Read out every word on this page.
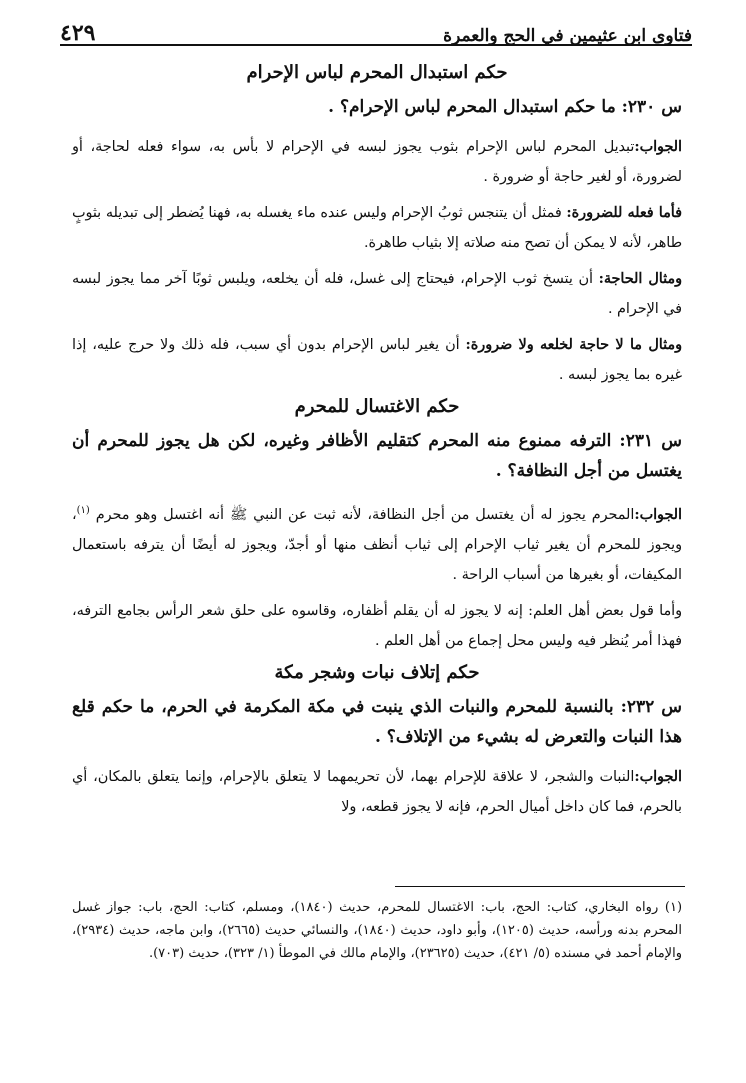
فتاوى ابن عثيمين في الحج والعمرة
٤٢٩
حكم استبدال المحرم لباس الإحرام
س ٢٣٠: ما حكم استبدال المحرم لباس الإحرام؟ .

الجواب:تبديل المحرم لباس الإحرام بثوب يجوز لبسه في الإحرام لا بأس به، سواء فعله لحاجة، أو لضرورة، أو لغير حاجة أو ضرورة .

فأما فعله للضرورة: فمثل أن يتنجس ثوبُ الإحرام وليس عنده ماء يغسله به، فهنا يُضطر إلى تبديله بثوبٍ طاهر، لأنه لا يمكن أن تصح منه صلاته إلا بثياب طاهرة.

ومثال الحاجة: أن يتسخ ثوب الإحرام، فيحتاج إلى غسل، فله أن يخلعه، ويلبس ثوبًا آخر مما يجوز لبسه في الإحرام .

ومثال ما لا حاجة لخلعه ولا ضرورة: أن يغير لباس الإحرام بدون أي سبب، فله ذلك ولا حرج عليه، إذا غيره بما يجوز لبسه .

حكم الاغتسال للمحرم
س ٢٣١: الترفه ممنوع منه المحرم كتقليم الأظافر وغيره، لكن هل يجوز للمحرم أن يغتسل من أجل النظافة؟ .

الجواب:المحرم يجوز له أن يغتسل من أجل النظافة، لأنه ثبت عن النبي ﷺ أنه اغتسل وهو محرم $^{(١)}$، ويجوز للمحرم أن يغير ثياب الإحرام إلى ثياب أنظف منها أو أجدّ، ويجوز له أيضًا أن يترفه باستعمال المكيفات، أو بغيرها من أسباب الراحة .

وأما قول بعض أهل العلم: إنه لا يجوز له أن يقلم أظفاره، وقاسوه على حلق شعر الرأس بجامع الترفه، فهذا أمر يُنظر فيه وليس محل إجماع من أهل العلم .

حكم إتلاف نبات وشجر مكة
س ٢٣٢: بالنسبة للمحرم والنبات الذي ينبت في مكة المكرمة في الحرم، ما حكم قلع هذا النبات والتعرض له بشيء من الإتلاف؟ .

الجواب:النبات والشجر، لا علاقة للإحرام بهما، لأن تحريمهما لا يتعلق بالإحرام، وإنما يتعلق بالمكان، أي بالحرم، فما كان داخل أميال الحرم، فإنه لا يجوز قطعه، ولا

(١) رواه البخاري، كتاب: الحج، باب: الاغتسال للمحرم، حديث (١٨٤٠)، ومسلم، كتاب: الحج، باب: جواز غسل المحرم بدنه ورأسه، حديث (١٢٠٥)، وأبو داود، حديث (١٨٤٠)، والنسائي حديث (٢٦٦٥)، وابن ماجه، حديث (٢٩٣٤)، والإمام أحمد في مسنده (٥/ ٤٢١)، حديث (٢٣٦٢٥)، والإمام مالك في الموطأ (١/ ٣٢٣)، حديث (٧٠٣).
